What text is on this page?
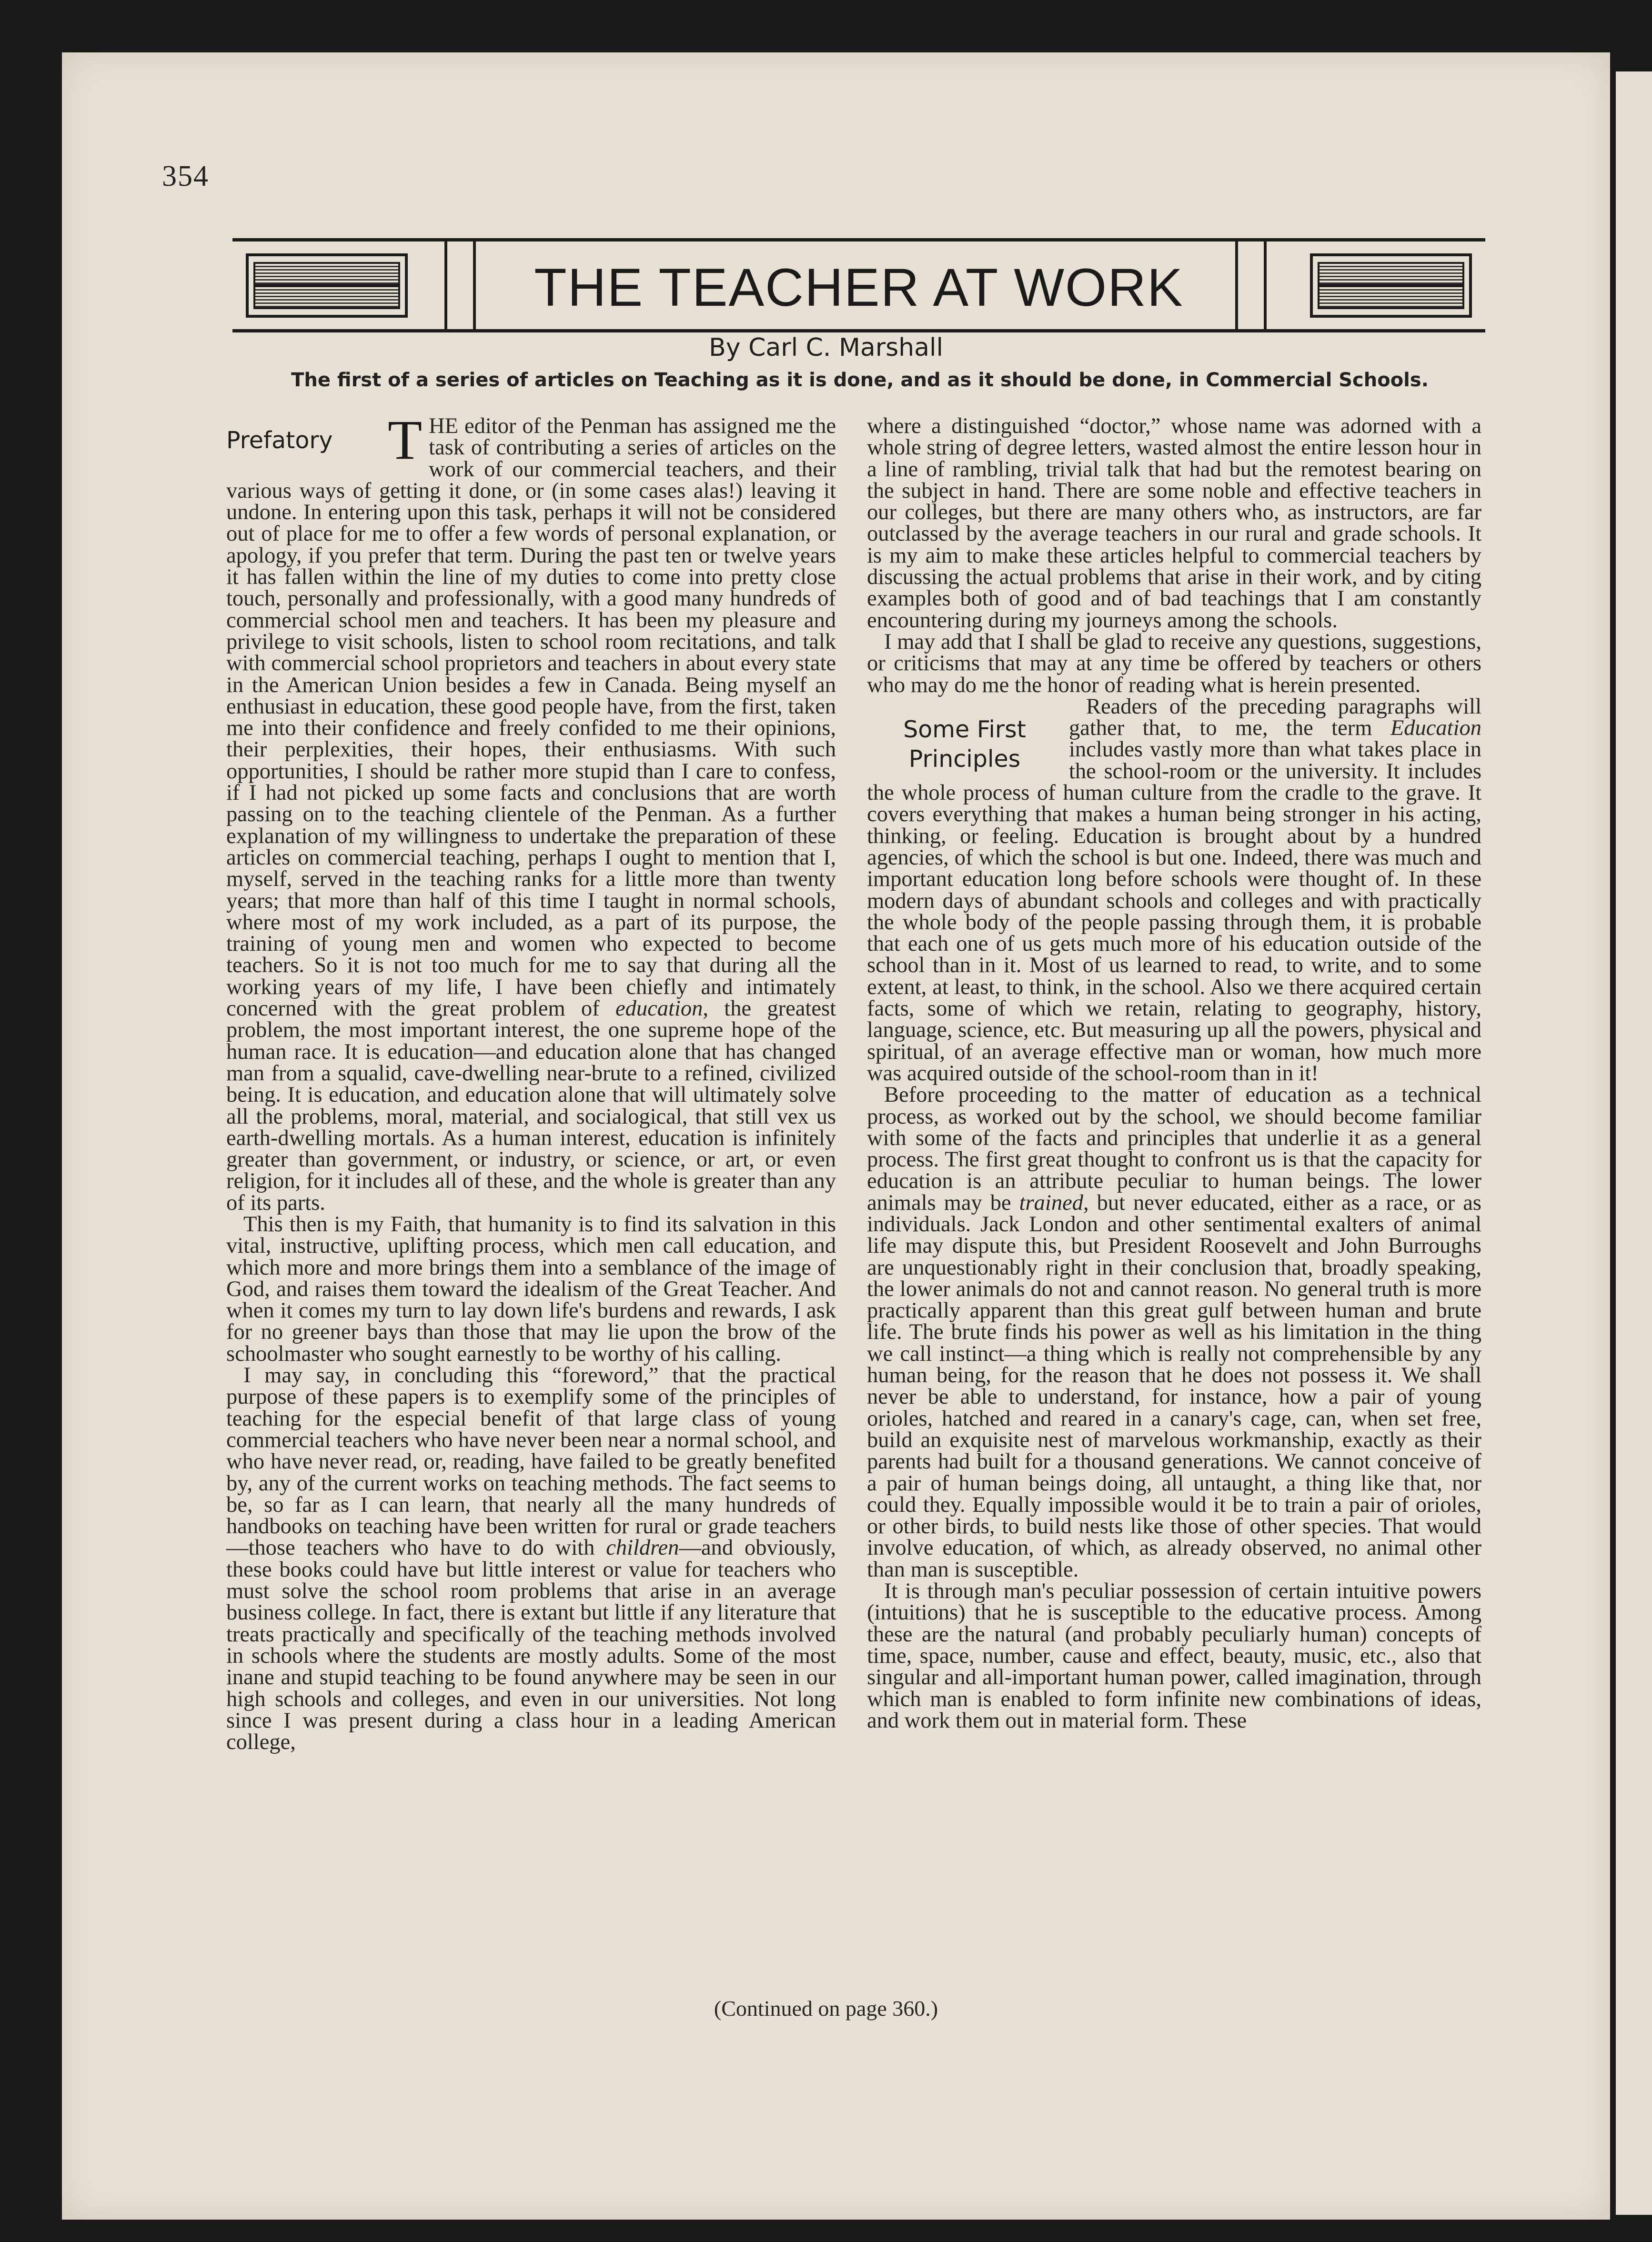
354
THE TEACHER AT WORK
By Carl C. Marshall
The first of a series of articles on Teaching as it is done, and as it should be done, in Commercial Schools.
Prefatory THE editor of the Penman has assigned me the task of contributing a series of articles on the work of our commercial teachers, and their various ways of getting it done, or (in some cases alas!) leaving it undone. In entering upon this task, perhaps it will not be considered out of place for me to offer a few words of personal explanation, or apology, if you prefer that term. During the past ten or twelve years it has fallen within the line of my duties to come into pretty close touch, personally and professionally, with a good many hundreds of commercial school men and teachers. It has been my pleasure and privilege to visit schools, listen to school room recitations, and talk with commercial school proprietors and teachers in about every state in the American Union besides a few in Canada. Being myself an enthusiast in education, these good people have, from the first, taken me into their confidence and freely confided to me their opinions, their perplexities, their hopes, their enthusiasms. With such opportunities, I should be rather more stupid than I care to confess, if I had not picked up some facts and conclusions that are worth passing on to the teaching clientele of the Penman. As a further explanation of my willingness to undertake the preparation of these articles on commercial teaching, perhaps I ought to mention that I, myself, served in the teaching ranks for a little more than twenty years; that more than half of this time I taught in normal schools, where most of my work included, as a part of its purpose, the training of young men and women who expected to become teachers. So it is not too much for me to say that during all the working years of my life, I have been chiefly and intimately concerned with the great problem of education, the greatest problem, the most important interest, the one supreme hope of the human race. It is education—and education alone that has changed man from a squalid, cave-dwelling near-brute to a refined, civilized being. It is education, and education alone that will ultimately solve all the problems, moral, material, and socialogical, that still vex us earth-dwelling mortals. As a human interest, education is infinitely greater than government, or industry, or science, or art, or even religion, for it includes all of these, and the whole is greater than any of its parts.

This then is my Faith, that humanity is to find its salvation in this vital, instructive, uplifting process, which men call education, and which more and more brings them into a semblance of the image of God, and raises them toward the idealism of the Great Teacher. And when it comes my turn to lay down life's burdens and rewards, I ask for no greener bays than those that may lie upon the brow of the schoolmaster who sought earnestly to be worthy of his calling.

I may say, in concluding this “foreword,” that the practical purpose of these papers is to exemplify some of the principles of teaching for the especial benefit of that large class of young commercial teachers who have never been near a normal school, and who have never read, or, reading, have failed to be greatly benefited by, any of the current works on teaching methods. The fact seems to be, so far as I can learn, that nearly all the many hundreds of handbooks on teaching have been written for rural or grade teachers—those teachers who have to do with children—and obviously, these books could have but little interest or value for teachers who must solve the school room problems that arise in an average business college. In fact, there is extant but little if any literature that treats practically and specifically of the teaching methods involved in schools where the students are mostly adults. Some of the most inane and stupid teaching to be found anywhere may be seen in our high schools and colleges, and even in our universities. Not long since I was present during a class hour in a leading American college,

where a distinguished “doctor,” whose name was adorned with a whole string of degree letters, wasted almost the entire lesson hour in a line of rambling, trivial talk that had but the remotest bearing on the subject in hand. There are some noble and effective teachers in our colleges, but there are many others who, as instructors, are far outclassed by the average teachers in our rural and grade schools. It is my aim to make these articles helpful to commercial teachers by discussing the actual problems that arise in their work, and by citing examples both of good and of bad teachings that I am constantly encountering during my journeys among the schools.

I may add that I shall be glad to receive any questions, suggestions, or criticisms that may at any time be offered by teachers or others who may do me the honor of reading what is herein presented.

Some First Principles

Readers of the preceding paragraphs will gather that, to me, the term Education includes vastly more than what takes place in the school-room or the university. It includes the whole process of human culture from the cradle to the grave. It covers everything that makes a human being stronger in his acting, thinking, or feeling. Education is brought about by a hundred agencies, of which the school is but one. Indeed, there was much and important education long before schools were thought of. In these modern days of abundant schools and colleges and with practically the whole body of the people passing through them, it is probable that each one of us gets much more of his education outside of the school than in it. Most of us learned to read, to write, and to some extent, at least, to think, in the school. Also we there acquired certain facts, some of which we retain, relating to geography, history, language, science, etc. But measuring up all the powers, physical and spiritual, of an average effective man or woman, how much more was acquired outside of the school-room than in it!

Before proceeding to the matter of education as a technical process, as worked out by the school, we should become familiar with some of the facts and principles that underlie it as a general process. The first great thought to confront us is that the capacity for education is an attribute peculiar to human beings. The lower animals may be trained, but never educated, either as a race, or as individuals. Jack London and other sentimental exalters of animal life may dispute this, but President Roosevelt and John Burroughs are unquestionably right in their conclusion that, broadly speaking, the lower animals do not and cannot reason. No general truth is more practically apparent than this great gulf between human and brute life. The brute finds his power as well as his limitation in the thing we call instinct—a thing which is really not comprehensible by any human being, for the reason that he does not possess it. We shall never be able to understand, for instance, how a pair of young orioles, hatched and reared in a canary's cage, can, when set free, build an exquisite nest of marvelous workmanship, exactly as their parents had built for a thousand generations. We cannot conceive of a pair of human beings doing, all untaught, a thing like that, nor could they. Equally impossible would it be to train a pair of orioles, or other birds, to build nests like those of other species. That would involve education, of which, as already observed, no animal other than man is susceptible.

It is through man's peculiar possession of certain intuitive powers (intuitions) that he is susceptible to the educative process. Among these are the natural (and probably peculiarly human) concepts of time, space, number, cause and effect, beauty, music, etc., also that singular and all-important human power, called imagination, through which man is enabled to form infinite new combinations of ideas, and work them out in material form. These

(Continued on page 360.)
